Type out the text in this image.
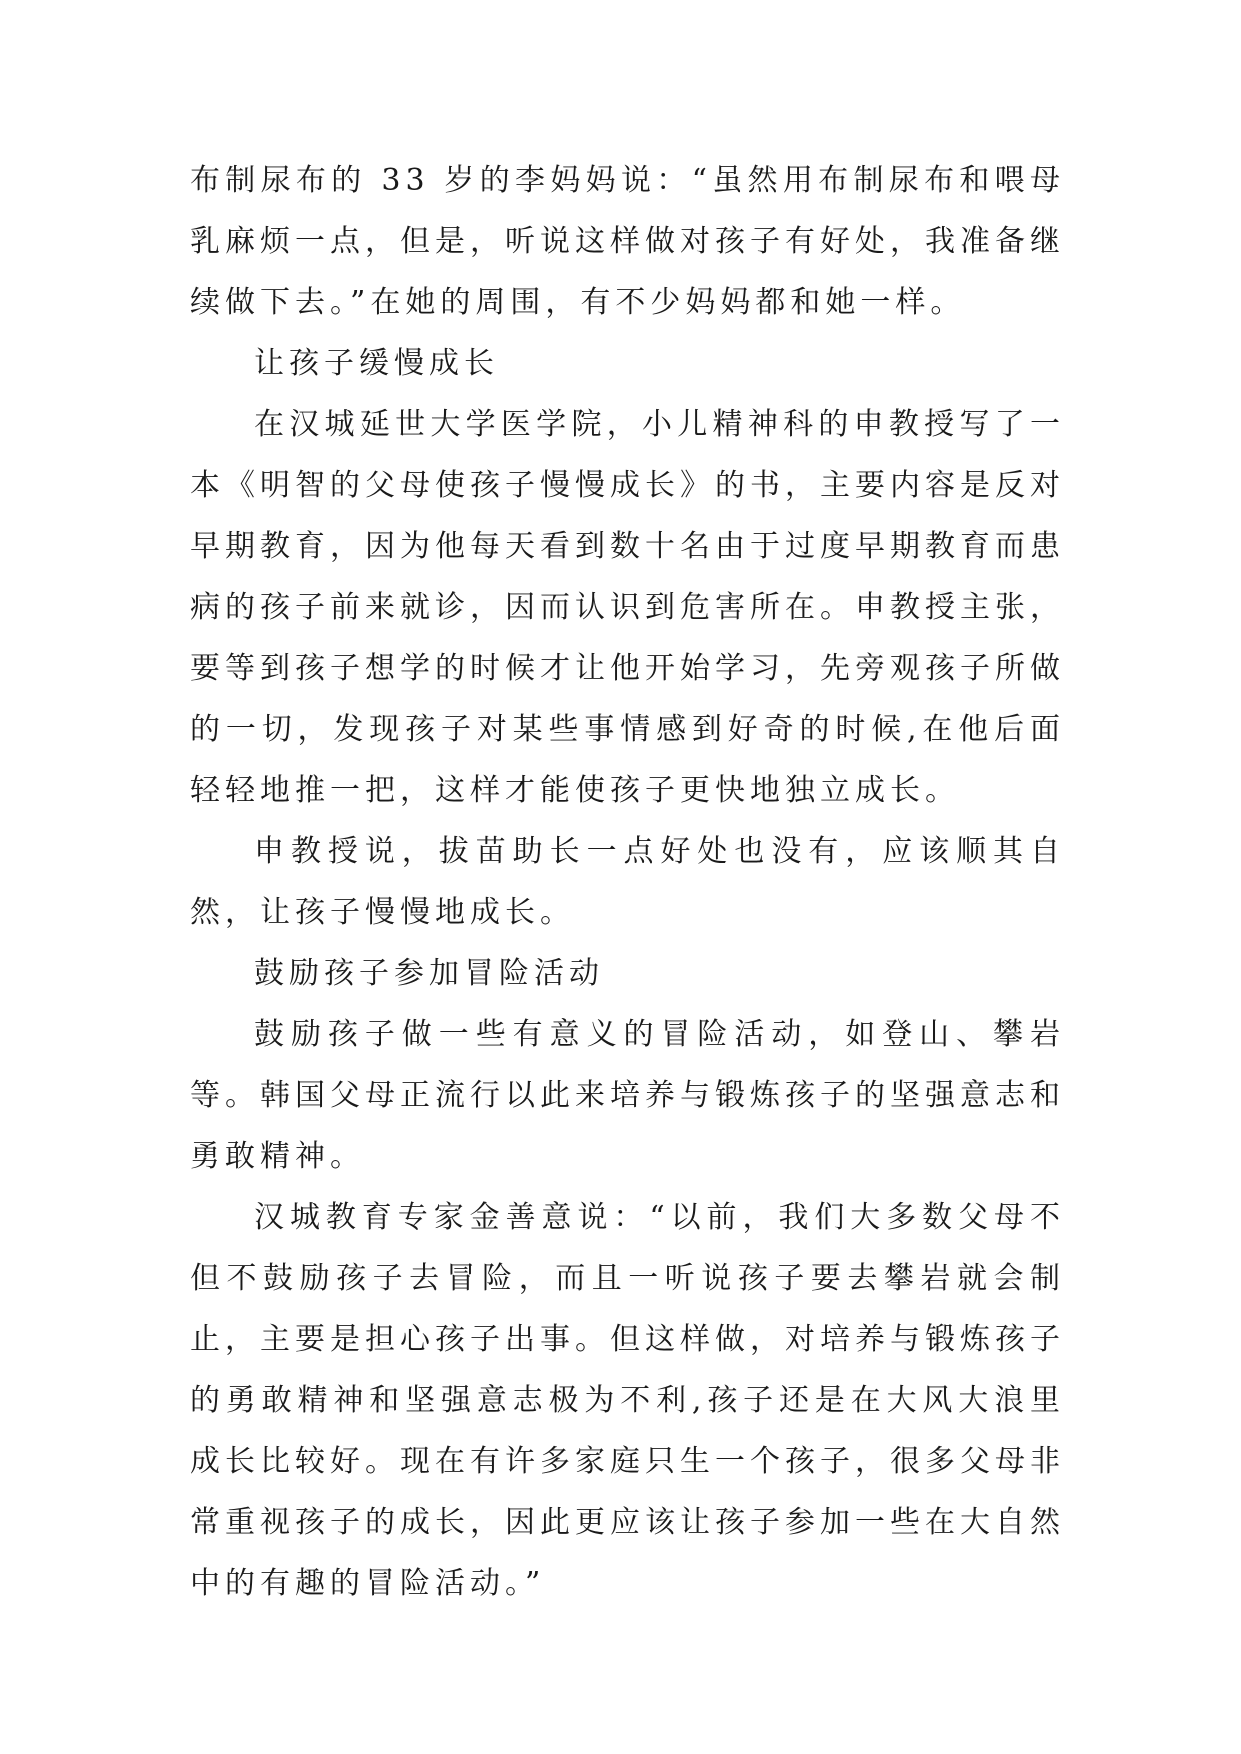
布制尿布的 33 岁的李妈妈说：“虽然用布制尿布和喂母乳麻烦一点，但是，听说这样做对孩子有好处，我准备继续做下去。”在她的周围，有不少妈妈都和她一样。

让孩子缓慢成长

在汉城延世大学医学院，小儿精神科的申教授写了一本《明智的父母使孩子慢慢成长》的书，主要内容是反对早期教育，因为他每天看到数十名由于过度早期教育而患病的孩子前来就诊，因而认识到危害所在。申教授主张，要等到孩子想学的时候才让他开始学习，先旁观孩子所做的一切，发现孩子对某些事情感到好奇的时候,在他后面轻轻地推一把，这样才能使孩子更快地独立成长。

申教授说，拔苗助长一点好处也没有，应该顺其自然，让孩子慢慢地成长。

鼓励孩子参加冒险活动

鼓励孩子做一些有意义的冒险活动，如登山、攀岩等。韩国父母正流行以此来培养与锻炼孩子的坚强意志和勇敢精神。

汉城教育专家金善意说：“以前，我们大多数父母不但不鼓励孩子去冒险，而且一听说孩子要去攀岩就会制止，主要是担心孩子出事。但这样做，对培养与锻炼孩子的勇敢精神和坚强意志极为不利,孩子还是在大风大浪里成长比较好。现在有许多家庭只生一个孩子，很多父母非常重视孩子的成长，因此更应该让孩子参加一些在大自然中的有趣的冒险活动。”
